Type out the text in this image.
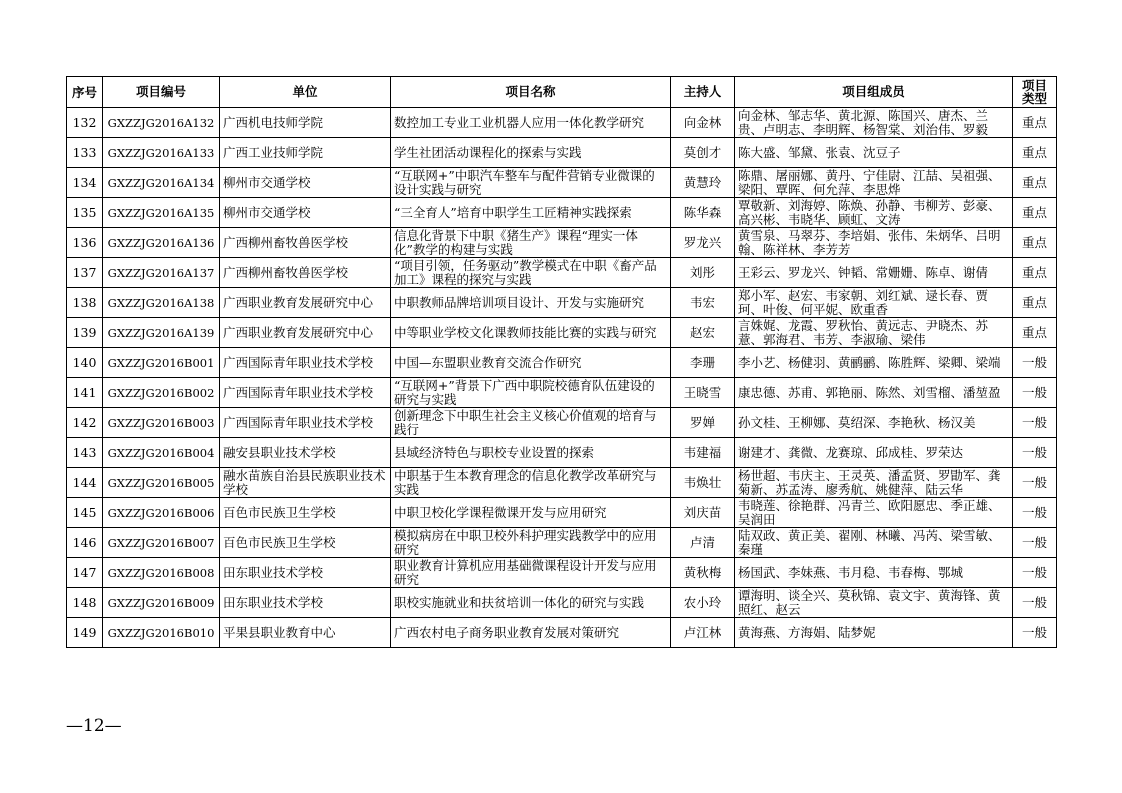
序号	项目编号	单位	项目名称	主持人	项目组成员	项目类型
132	GXZZJG2016A132	广西机电技师学院	数控加工专业工业机器人应用一体化教学研究	向金林	向金林、邹志华、黄北源、陈国兴、唐杰、兰贵、卢明志、李明辉、杨智棠、刘治伟、罗毅	重点
133	GXZZJG2016A133	广西工业技师学院	学生社团活动课程化的探索与实践	莫创才	陈大盛、邹黛、张袁、沈豆子	重点
134	GXZZJG2016A134	柳州市交通学校	“互联网+”中职汽车整车与配件营销专业微课的设计实践与研究	黄慧玲	陈鼎、屠丽娜、黄丹、宁佳尉、江喆、吴祖强、梁阳、覃晖、何允萍、李思烨	重点
135	GXZZJG2016A135	柳州市交通学校	“三全育人”培育中职学生工匠精神实践探索	陈华森	覃敬新、刘海婷、陈焕、孙静、韦柳芳、彭豪、高兴彬、韦晓华、顾虹、文涛	重点
136	GXZZJG2016A136	广西柳州畜牧兽医学校	信息化背景下中职《猪生产》课程“理实一体化”教学的构建与实践	罗龙兴	黄雪泉、马翠芬、李培娟、张伟、朱炳华、吕明翰、陈祥林、李芳芳	重点
137	GXZZJG2016A137	广西柳州畜牧兽医学校	“项目引领，任务驱动”教学模式在中职《畜产品加工》课程的探究与实践	刘彤	王彩云、罗龙兴、钟韬、常姗姗、陈卓、谢倩	重点
138	GXZZJG2016A138	广西职业教育发展研究中心	中职教师品牌培训项目设计、开发与实施研究	韦宏	郑小军、赵宏、韦家朝、刘红斌、逯长春、贾珂、叶俊、何平妮、欧重香	重点
139	GXZZJG2016A139	广西职业教育发展研究中心	中等职业学校文化课教师技能比赛的实践与研究	赵宏	言姝娓、龙霞、罗秋怡、黄远志、尹晓杰、苏薏、郭海君、韦芳、李淑瑜、梁伟	重点
140	GXZZJG2016B001	广西国际青年职业技术学校	中国—东盟职业教育交流合作研究	李珊	李小艺、杨健羽、黄鹂鹂、陈胜辉、梁卿、梁端	一般
141	GXZZJG2016B002	广西国际青年职业技术学校	“互联网+”背景下广西中职院校德育队伍建设的研究与实践	王晓雪	康忠德、苏甫、郭艳丽、陈然、刘雪榴、潘堃盈	一般
142	GXZZJG2016B003	广西国际青年职业技术学校	创新理念下中职生社会主义核心价值观的培育与践行	罗婵	孙文桂、王柳娜、莫绍深、李艳秋、杨汉美	一般
143	GXZZJG2016B004	融安县职业技术学校	县域经济特色与职校专业设置的探索	韦建福	谢建才、龚微、龙赛琼、邱成桂、罗荣达	一般
144	GXZZJG2016B005	融水苗族自治县民族职业技术学校	中职基于生本教育理念的信息化教学改革研究与实践	韦焕壮	杨世超、韦庆主、王灵英、潘孟贤、罗勖军、龚菊新、苏孟涛、廖秀航、姚健萍、陆云华	一般
145	GXZZJG2016B006	百色市民族卫生学校	中职卫校化学课程微课开发与应用研究	刘庆苗	韦晓莲、徐艳群、冯青兰、欧阳愿忠、季正雄、吴润田	一般
146	GXZZJG2016B007	百色市民族卫生学校	模拟病房在中职卫校外科护理实践教学中的应用研究	卢清	陆双政、黄正美、翟刚、林曦、冯芮、梁雪敏、秦瑾	一般
147	GXZZJG2016B008	田东职业技术学校	职业教育计算机应用基础微课程设计开发与应用研究	黄秋梅	杨国武、李妹燕、韦月稳、韦春梅、鄂城	一般
148	GXZZJG2016B009	田东职业技术学校	职校实施就业和扶贫培训一体化的研究与实践	农小玲	谭海明、谈全兴、莫秋锦、袁文宇、黄海锋、黄照红、赵云	一般
149	GXZZJG2016B010	平果县职业教育中心	广西农村电子商务职业教育发展对策研究	卢江林	黄海燕、方海娟、陆梦妮	一般
—12—
